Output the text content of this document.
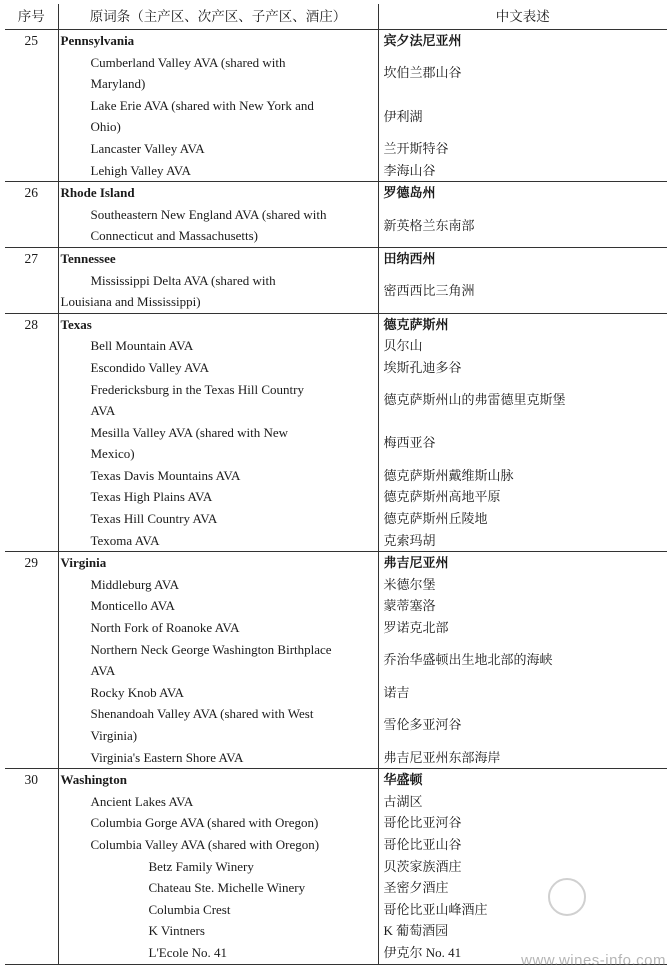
序号	原词条（主产区、次产区、子产区、酒庄）	中文表述
25	Pennsylvania	宾夕法尼亚州

	Cumberland Valley AVA (shared with
Maryland)	坎伯兰郡山谷

	Lake Erie AVA (shared with New York and
Ohio)	伊利湖

	Lancaster Valley AVA	兰开斯特谷

	Lehigh Valley AVA	李海山谷
26	Rhode Island	罗德岛州

	Southeastern New England AVA (shared with
Connecticut and Massachusetts)	新英格兰东南部
27	Tennessee	田纳西州

	Mississippi Delta AVA (shared with
Louisiana and Mississippi)	密西西比三角洲
28	Texas	德克萨斯州

	Bell Mountain AVA	贝尔山

	Escondido Valley AVA	埃斯孔迪多谷

	Fredericksburg in the Texas Hill Country
AVA	德克萨斯州山的弗雷德里克斯堡

	Mesilla Valley AVA (shared with New
Mexico)	梅西亚谷

	Texas Davis Mountains AVA	德克萨斯州戴维斯山脉

	Texas High Plains AVA	德克萨斯州高地平原

	Texas Hill Country AVA	德克萨斯州丘陵地

	Texoma AVA	克索玛胡
29	Virginia	弗吉尼亚州

	Middleburg AVA	米德尔堡

	Monticello AVA	蒙蒂塞洛

	North Fork of Roanoke AVA	罗诺克北部

	Northern Neck George Washington Birthplace
AVA	乔治华盛顿出生地北部的海峡

	Rocky Knob AVA	诺吉

	Shenandoah Valley AVA (shared with West
Virginia)	雪伦多亚河谷

	Virginia's Eastern Shore AVA	弗吉尼亚州东部海岸
30	Washington	华盛顿

	Ancient Lakes AVA	古湖区

	Columbia Gorge AVA (shared with Oregon)	哥伦比亚河谷

	Columbia Valley AVA (shared with Oregon)	哥伦比亚山谷

	Betz Family Winery	贝茨家族酒庄

	Chateau Ste. Michelle Winery	圣密夕酒庄

	Columbia Crest	哥伦比亚山峰酒庄

	K Vintners	K 葡萄酒园

	L'Ecole No. 41	伊克尔 No. 41	www.wines-info.com
